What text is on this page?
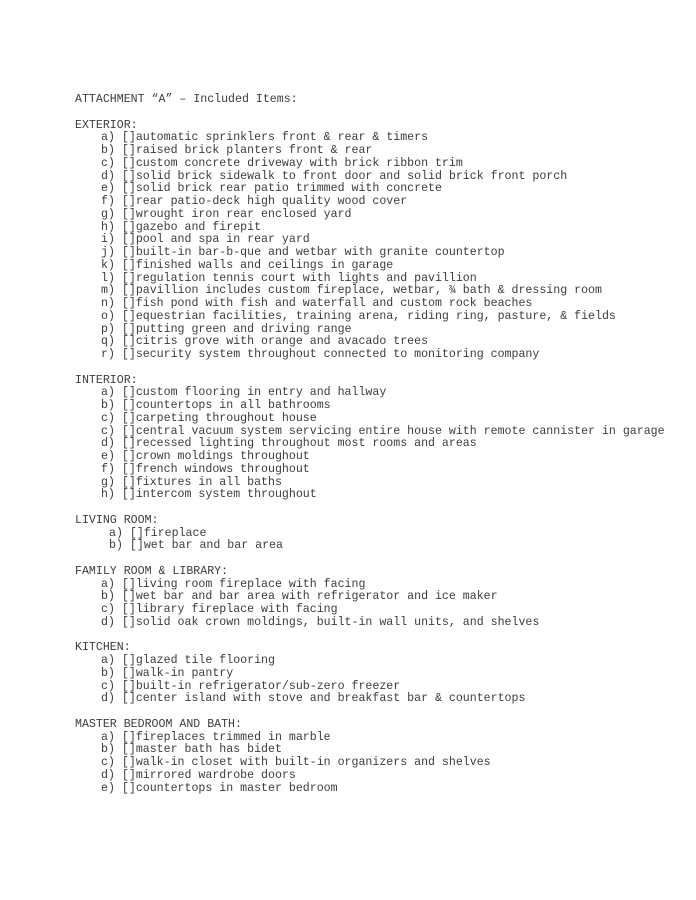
ATTACHMENT “A” – Included Items:
EXTERIOR:
a) []automatic sprinklers front & rear & timers
b) []raised brick planters front & rear
c) []custom concrete driveway with brick ribbon trim
d) []solid brick sidewalk to front door and solid brick front porch
e) []solid brick rear patio trimmed with concrete
f) []rear patio-deck high quality wood cover
g) []wrought iron rear enclosed yard
h) []gazebo and firepit
i) []pool and spa in rear yard
j) []built-in bar-b-que and wetbar with granite countertop
k) []finished walls and ceilings in garage
l) []regulation tennis court with lights and pavillion
m) []pavillion includes custom fireplace, wetbar, ¾ bath & dressing room
n) []fish pond with fish and waterfall and custom rock beaches
o) []equestrian facilities, training arena, riding ring, pasture, & fields
p) []putting green and driving range
q) []citris grove with orange and avacado trees
r) []security system throughout connected to monitoring company
INTERIOR:
a) []custom flooring in entry and hallway
b) []countertops in all bathrooms
c) []carpeting throughout house
c) []central vacuum system servicing entire house with remote cannister in garage
d) []recessed lighting throughout most rooms and areas
e) []crown moldings throughout
f) []french windows throughout
g) []fixtures in all baths
h) []intercom system throughout
LIVING ROOM:
a) []fireplace
b) []wet bar and bar area
FAMILY ROOM & LIBRARY:
a) []living room fireplace with facing
b) []wet bar and bar area with refrigerator and ice maker
c) []library fireplace with facing
d) []solid oak crown moldings, built-in wall units, and shelves
KITCHEN:
a) []glazed tile flooring
b) []walk-in pantry
c) []built-in refrigerator/sub-zero freezer
d) []center island with stove and breakfast bar & countertops
MASTER BEDROOM AND BATH:
a) []fireplaces trimmed in marble
b) []master bath has bidet
c) []walk-in closet with built-in organizers and shelves
d) []mirrored wardrobe doors
e) []countertops in master bedroom
